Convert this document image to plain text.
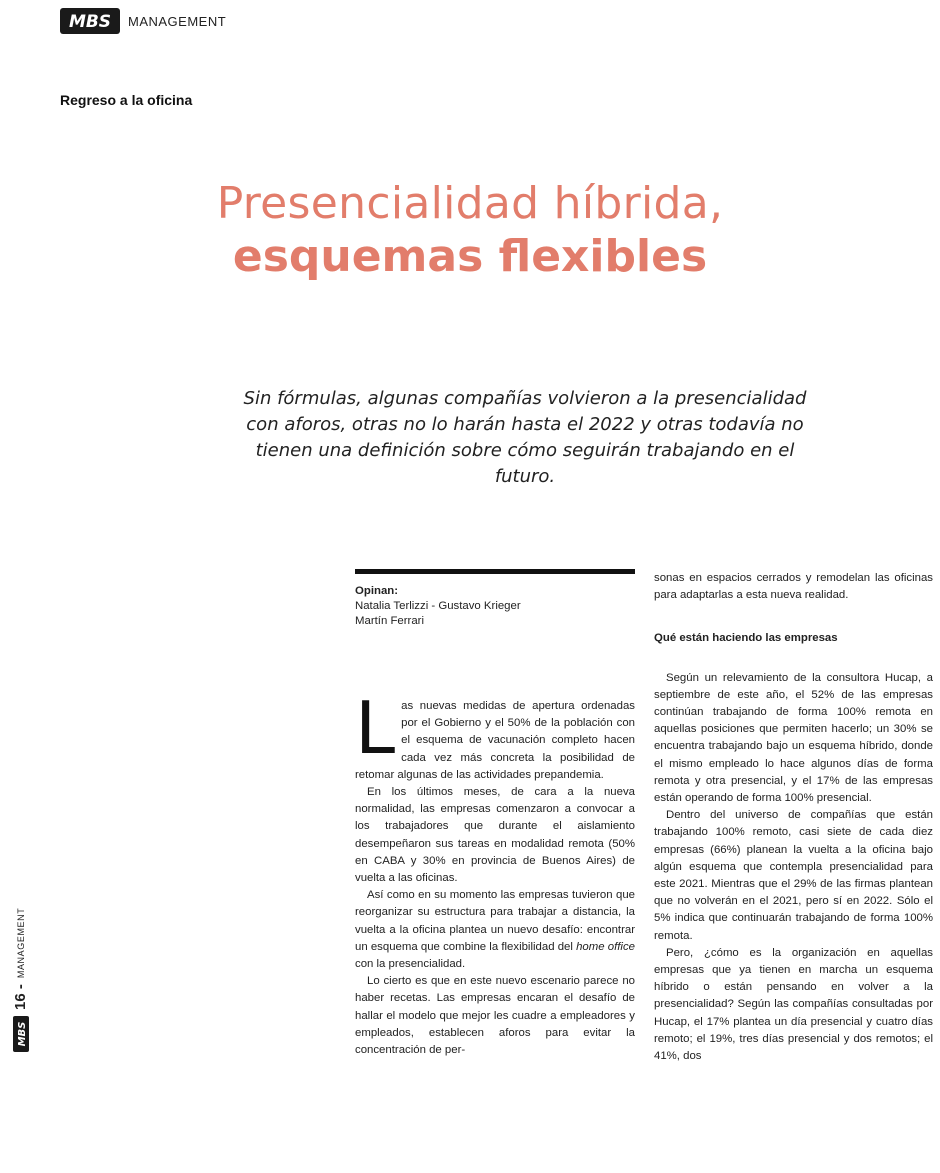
MBS MANAGEMENT
Regreso a la oficina
Presencialidad híbrida,
esquemas flexibles
Sin fórmulas, algunas compañías volvieron a la presencialidad con aforos, otras no lo harán hasta el 2022 y otras todavía no tienen una definición sobre cómo seguirán trabajando en el futuro.
Opinan:
Natalia Terlizzi - Gustavo Krieger
Martín Ferrari

Las nuevas medidas de apertura ordenadas por el Gobierno y el 50% de la población con el esquema de vacunación completo hacen cada vez más concreta la posibilidad de retomar algunas de las actividades prepandemia.

En los últimos meses, de cara a la nueva normalidad, las empresas comenzaron a convocar a los trabajadores que durante el aislamiento desempeñaron sus tareas en modalidad remota (50% en CABA y 30% en provincia de Buenos Aires) de vuelta a las oficinas.

Así como en su momento las empresas tuvieron que reorganizar su estructura para trabajar a distancia, la vuelta a la oficina plantea un nuevo desafío: encontrar un esquema que combine la flexibilidad del home office con la presencialidad.

Lo cierto es que en este nuevo escenario parece no haber recetas. Las empresas encaran el desafío de hallar el modelo que mejor les cuadre a empleadores y empleados, establecen aforos para evitar la concentración de per-

sonas en espacios cerrados y remodelan las oficinas para adaptarlas a esta nueva realidad.

Qué están haciendo las empresas

Según un relevamiento de la consultora Hucap, a septiembre de este año, el 52% de las empresas continúan trabajando de forma 100% remota en aquellas posiciones que permiten hacerlo; un 30% se encuentra trabajando bajo un esquema híbrido, donde el mismo empleado lo hace algunos días de forma remota y otra presencial, y el 17% de las empresas están operando de forma 100% presencial.

Dentro del universo de compañías que están trabajando 100% remoto, casi siete de cada diez empresas (66%) planean la vuelta a la oficina bajo algún esquema que contempla presencialidad para este 2021. Mientras que el 29% de las firmas plantean que no volverán en el 2021, pero sí en 2022. Sólo el 5% indica que continuarán trabajando de forma 100% remota.

Pero, ¿cómo es la organización en aquellas empresas que ya tienen en marcha un esquema híbrido o están pensando en volver a la presencialidad? Según las compañías consultadas por Hucap, el 17% plantea un día presencial y cuatro días remoto; el 19%, tres días presencial y dos remotos; el 41%, dos

MBS
16 -
MANAGEMENT
